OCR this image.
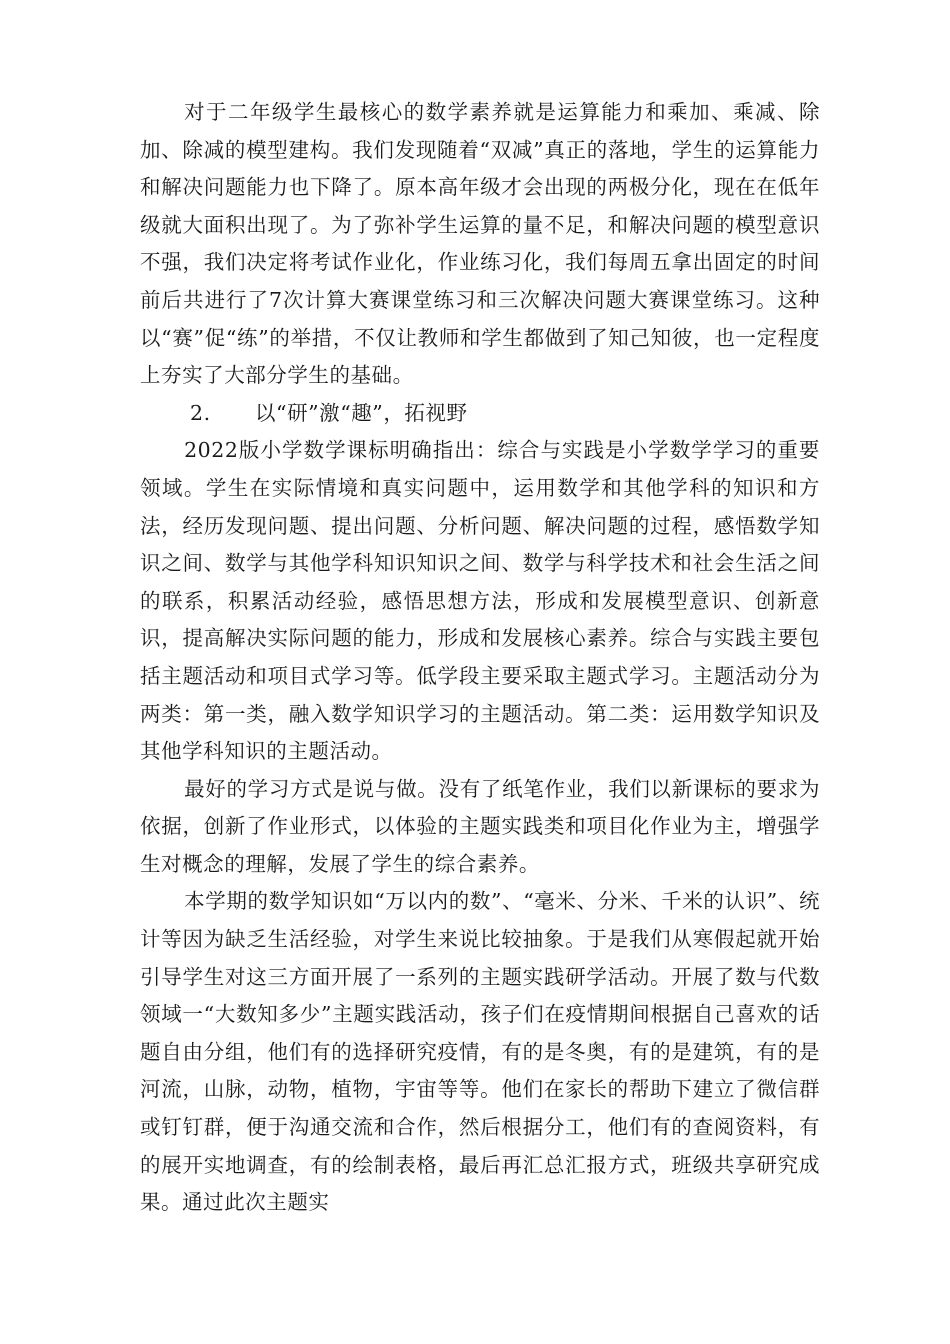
对于二年级学生最核心的数学素养就是运算能力和乘加、乘减、除加、除减的模型建构。我们发现随着“双减”真正的落地，学生的运算能力和解决问题能力也下降了。原本高年级才会出现的两极分化，现在在低年级就大面积出现了。为了弥补学生运算的量不足，和解决问题的模型意识不强，我们决定将考试作业化，作业练习化，我们每周五拿出固定的时间前后共进行了7次计算大赛课堂练习和三次解决问题大赛课堂练习。这种以“赛”促“练”的举措，不仅让教师和学生都做到了知己知彼，也一定程度上夯实了大部分学生的基础。

2. 以“研”激“趣”，拓视野

2022版小学数学课标明确指出：综合与实践是小学数学学习的重要领域。学生在实际情境和真实问题中，运用数学和其他学科的知识和方法，经历发现问题、提出问题、分析问题、解决问题的过程，感悟数学知识之间、数学与其他学科知识知识之间、数学与科学技术和社会生活之间的联系，积累活动经验，感悟思想方法，形成和发展模型意识、创新意识，提高解决实际问题的能力，形成和发展核心素养。综合与实践主要包括主题活动和项目式学习等。低学段主要采取主题式学习。主题活动分为两类：第一类，融入数学知识学习的主题活动。第二类：运用数学知识及其他学科知识的主题活动。

最好的学习方式是说与做。没有了纸笔作业，我们以新课标的要求为依据，创新了作业形式，以体验的主题实践类和项目化作业为主，增强学生对概念的理解，发展了学生的综合素养。

本学期的数学知识如“万以内的数”、“毫米、分米、千米的认识”、统计等因为缺乏生活经验，对学生来说比较抽象。于是我们从寒假起就开始引导学生对这三方面开展了一系列的主题实践研学活动。开展了数与代数领域一“大数知多少”主题实践活动，孩子们在疫情期间根据自己喜欢的话题自由分组，他们有的选择研究疫情，有的是冬奥，有的是建筑，有的是河流，山脉，动物，植物，宇宙等等。他们在家长的帮助下建立了微信群或钉钉群，便于沟通交流和合作，然后根据分工，他们有的查阅资料，有的展开实地调查，有的绘制表格，最后再汇总汇报方式，班级共享研究成果。通过此次主题实
